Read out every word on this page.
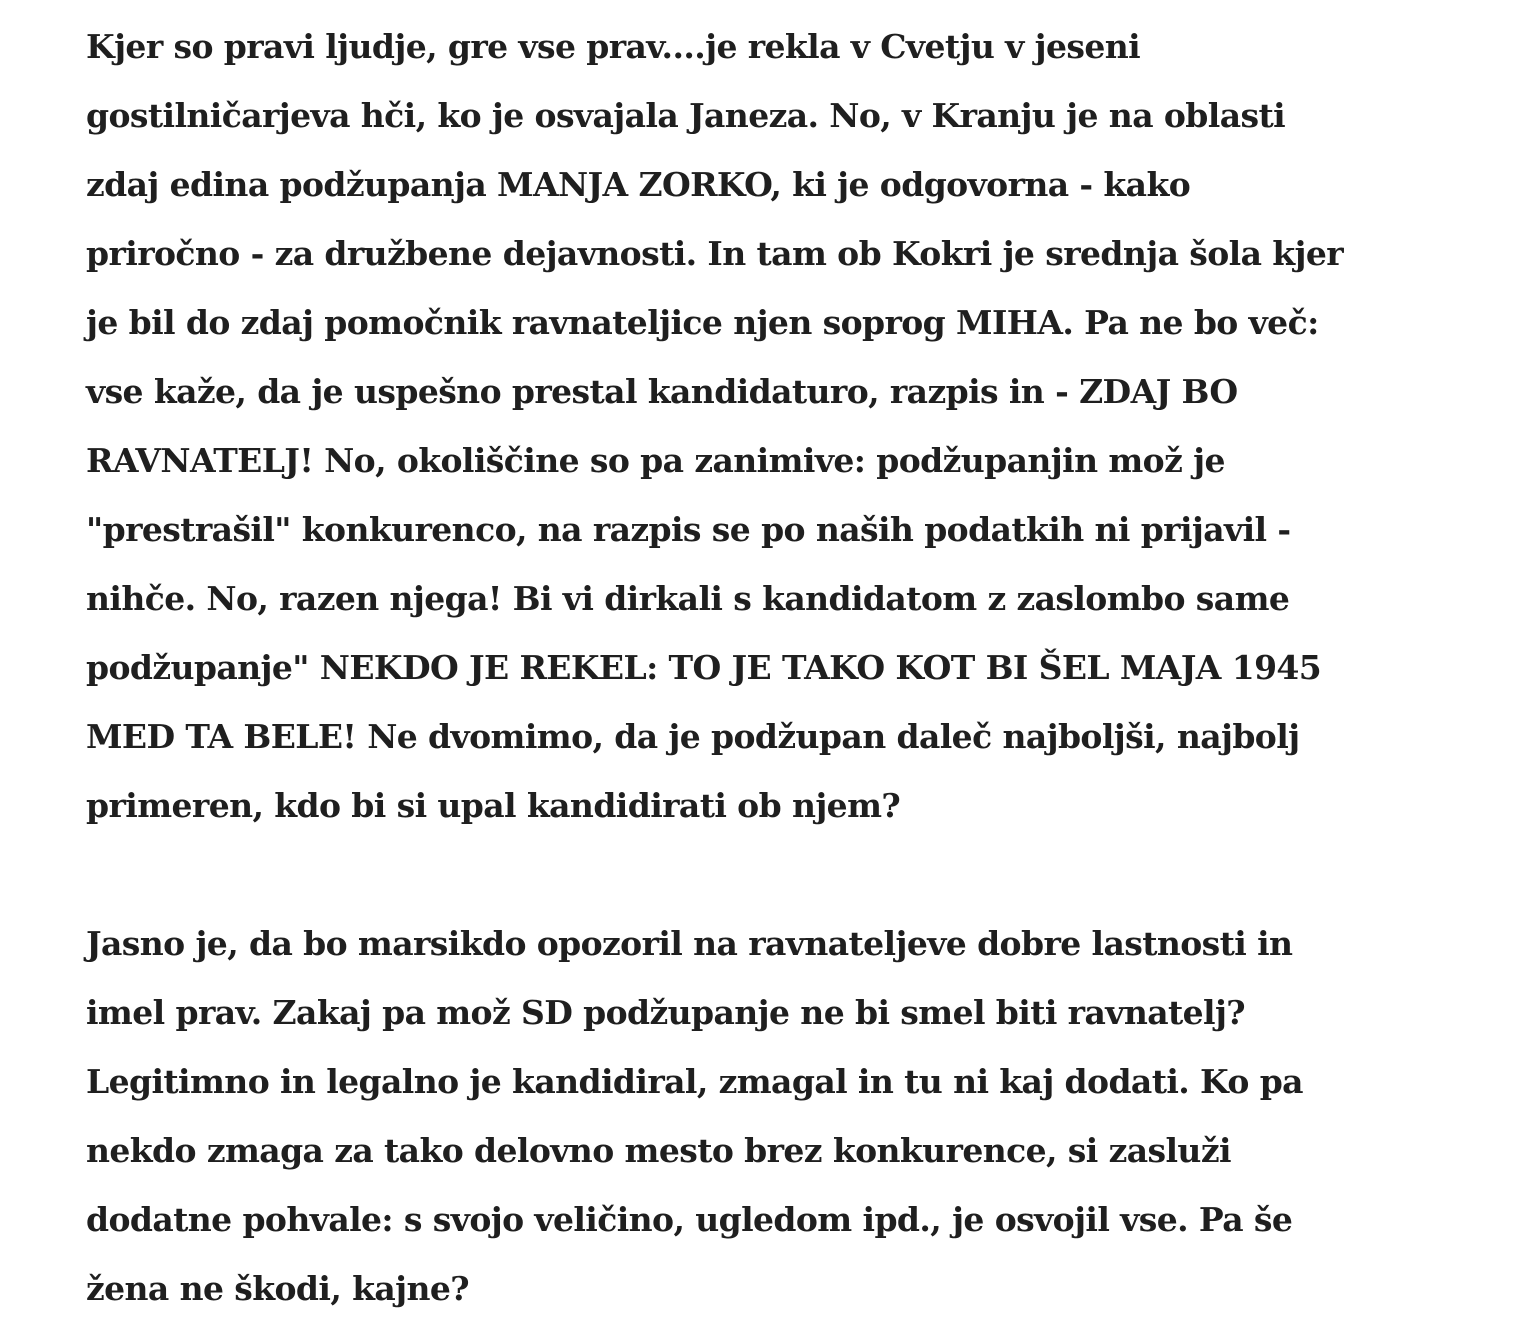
Kjer so pravi ljudje, gre vse prav....je rekla v Cvetju v jeseni
gostilničarjeva hči, ko je osvajala Janeza. No, v Kranju je na oblasti
zdaj edina podžupanja MANJA ZORKO, ki je odgovorna - kako
priročno - za družbene dejavnosti. In tam ob Kokri je srednja šola kjer
je bil do zdaj pomočnik ravnateljice njen soprog MIHA. Pa ne bo več:
vse kaže, da je uspešno prestal kandidaturo, razpis in - ZDAJ BO
RAVNATELJ! No, okoliščine so pa zanimive: podžupanjin mož je
"prestrašil" konkurenco, na razpis se po naših podatkih ni prijavil -
nihče. No, razen njega! Bi vi dirkali s kandidatom z zaslombo same
podžupanje" NEKDO JE REKEL: TO JE TAKO KOT BI ŠEL MAJA 1945
MED TA BELE! Ne dvomimo, da je podžupan daleč najboljši, najbolj
primeren, kdo bi si upal kandidirati ob njem?

Jasno je, da bo marsikdo opozoril na ravnateljeve dobre lastnosti in
imel prav. Zakaj pa mož SD podžupanje ne bi smel biti ravnatelj?
Legitimno in legalno je kandidiral, zmagal in tu ni kaj dodati. Ko pa
nekdo zmaga za tako delovno mesto brez konkurence, si zasluži
dodatne pohvale: s svojo veličino, ugledom ipd., je osvojil vse. Pa še
žena ne škodi, kajne?
